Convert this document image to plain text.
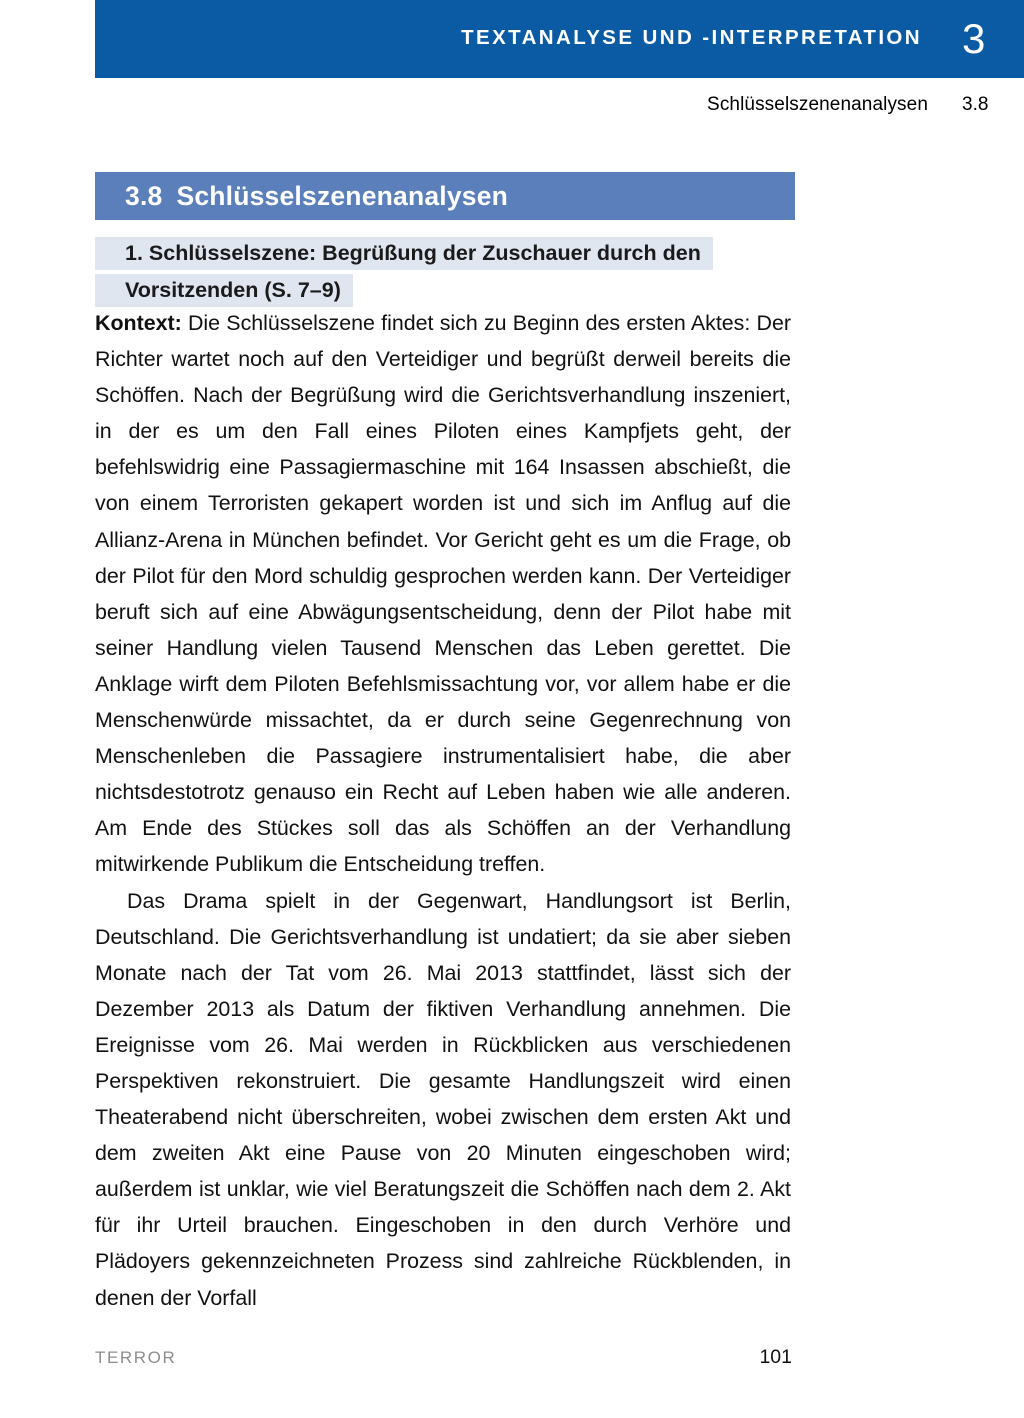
TEXTANALYSE UND -INTERPRETATION 3
Schlüsselszenenanalysen 3.8
3.8 Schlüsselszenenanalysen
1. Schlüsselszene: Begrüßung der Zuschauer durch den Vorsitzenden (S. 7–9)

Kontext: Die Schlüsselszene findet sich zu Beginn des ersten Aktes: Der Richter wartet noch auf den Verteidiger und begrüßt derweil bereits die Schöffen. Nach der Begrüßung wird die Gerichtsverhandlung inszeniert, in der es um den Fall eines Piloten eines Kampfjets geht, der befehlswidrig eine Passagiermaschine mit 164 Insassen abschießt, die von einem Terroristen gekapert worden ist und sich im Anflug auf die Allianz-Arena in München befindet. Vor Gericht geht es um die Frage, ob der Pilot für den Mord schuldig gesprochen werden kann. Der Verteidiger beruft sich auf eine Abwägungsentscheidung, denn der Pilot habe mit seiner Handlung vielen Tausend Menschen das Leben gerettet. Die Anklage wirft dem Piloten Befehlsmissachtung vor, vor allem habe er die Menschenwürde missachtet, da er durch seine Gegenrechnung von Menschenleben die Passagiere instrumentalisiert habe, die aber nichtsdestotrotz genauso ein Recht auf Leben haben wie alle anderen. Am Ende des Stückes soll das als Schöffen an der Verhandlung mitwirkende Publikum die Entscheidung treffen.

Das Drama spielt in der Gegenwart, Handlungsort ist Berlin, Deutschland. Die Gerichtsverhandlung ist undatiert; da sie aber sieben Monate nach der Tat vom 26. Mai 2013 stattfindet, lässt sich der Dezember 2013 als Datum der fiktiven Verhandlung annehmen. Die Ereignisse vom 26. Mai werden in Rückblicken aus verschiedenen Perspektiven rekonstruiert. Die gesamte Handlungszeit wird einen Theaterabend nicht überschreiten, wobei zwischen dem ersten Akt und dem zweiten Akt eine Pause von 20 Minuten eingeschoben wird; außerdem ist unklar, wie viel Beratungszeit die Schöffen nach dem 2. Akt für ihr Urteil brauchen. Eingeschoben in den durch Verhöre und Plädoyers gekennzeichneten Prozess sind zahlreiche Rückblenden, in denen der Vorfall

TERROR	101
